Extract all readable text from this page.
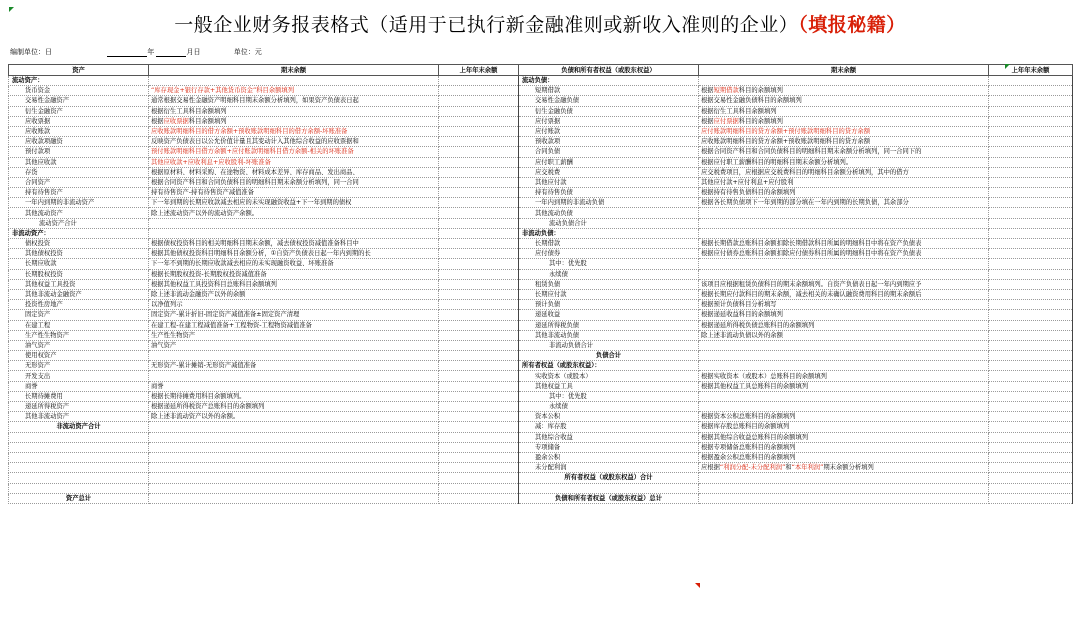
一般企业财务报表格式（适用于已执行新金融准则或新收入准则的企业）（填报秘籍）
编制单位：日	年	月日	单位：元
资产	期末余额	上年年末余额	负债和所有者权益（或股东权益）	期末余额	上年年末余额
流动资产：			流动负债：		
货币资金	“库存现金+银行存款+其他货币资金”科目余额填列		短期借款	根据短期借款科目的余额填列	
交易性金融资产	通常根据交易性金融资产明细科目期末余额分析填列，如果资产负债表日起		交易性金融负债	根据交易性金融负债科目的余额填列	
衍生金融资产	根据衍生工具科目余额填列		衍生金融负债	根据衍生工具科目余额填列	
应收票据	根据应收票据科目余额填列		应付票据	根据应付票据科目的余额填列	
应收账款	应收账款明细科目的借方余额+预收账款明细科目的借方余额-坏账准备		应付账款	应付账款明细科目的贷方余额+预付账款明细科目的贷方余额	
应收款项融资	反映资产负债表日以公允价值计量且其变动计入其他综合收益的应收票据和		预收款项	应收账款明细科目的贷方余额+预收账款明细科目的贷方余额	
预付款项	预付账款明细科目借方余额+应付账款明细科目借方余额-相关的坏账准备		合同负债	根据合同资产科目和合同负债科目的明细科目期末余额分析填列，同一合同下的	
其他应收款	其他应收款+应收利息+应收股利-坏账准备		应付职工薪酬	根据应付职工薪酬科目的明细科目期末余额分析填列。	
存货	根据原材料、材料采购、在途物资、材料成本差异、库存商品、发出商品、		应交税费	应交税费项目，应根据应交税费科目的明细科目余额分析填列，其中的借方	
合同资产	根据合同资产科目和合同负债科目的明细科目期末余额分析填列，同一合同		其他应付款	其他应付款+应付利息+应付股利	
持有待售资产	持有待售资产-持有待售资产减值准备		持有待售负债	根据持有待售负债科目的余额填列	
一年内到期的非流动资产	下一年到期的长期应收款减去相应的未实现融资收益+下一年到期的债权		一年内到期的非流动负债	根据各长期负债项下一年到期的部分填在一年内到期的长期负债，其余部分	
其他流动资产	除上述流动资产以外的流动资产余额。		其他流动负债		
流动资产合计			流动负债合计		
非流动资产：			非流动负债：		
债权投资	根据债权投资科目的相关明细科目期末余额，减去债权投资减值准备科目中		长期借款	根据长期借款总账科目余额扣除长期借款科目所属的明细科目中将在资产负债表	
其他债权投资	根据其他债权投资科目明细科目余额分析，①自资产负债表日起一年内到期的长		应付债券	根据应付债券总账科目余额扣除应付债券科目所属的明细科目中将在资产负债表	
长期应收款	下一年不到期的长期应收款减去相应的未实现融资收益、坏账准备		其中：优先股		
长期股权投资	根据长期股权投资-长期股权投资减值准备		永续债		
其他权益工具投资	根据其他权益工具投资科目总账科目余额填列		租赁负债	该项目应根据租赁负债科目的期末余额填列。自资产负债表日起一年内到期应予	
其他非流动金融资产	除上述非流动金融资产以外的余额		长期应付款	根据长期应付款科目的期末余额，减去相关的未确认融资费用科目的期末余额后	
投资性房地产	以净值列示		预计负债	根据预计负债科目分析填写	
固定资产	固定资产-累计折旧-固定资产减值准备±固定资产清理		递延收益	根据递延收益科目的余额填列	
在建工程	在建工程-在建工程减值准备+工程物资-工程物资减值准备		递延所得税负债	根据递延所得税负债总账科目的余额填列	
生产性生物资产	生产性生物资产		其他非流动负债	除上述非流动负债以外的余额	
油气资产	油气资产		非流动负债合计		
使用权资产			负债合计		
无形资产	无形资产-累计摊销-无形资产减值准备		所有者权益（或股东权益）：		
开发支出			实收资本（或股本）	根据实收资本（或股本）总账科目的余额填列	
商誉	商誉		其他权益工具	根据其他权益工具总账科目的余额填列	
长期待摊费用	根据长期待摊费用科目余额填列。		其中：优先股		
递延所得税资产	根据递延所得税资产总账科目的余额填列		永续债		
其他非流动资产	除上述非流动资产以外的余额。		资本公积	根据资本公积总账科目的余额填列	
非流动资产合计			减：库存股	根据库存股总账科目的余额填列	
			其他综合收益	根据其他综合收益总账科目的余额填列	
			专项储备	根据专项储备总账科目的余额填列	
			盈余公积	根据盈余公积总账科目的余额填列	
			未分配利润	应根据“利润分配-未分配利润”和“本年利润”期末余额分析填列	
			所有者权益（或股东权益）合计		

资产总计			负债和所有者权益（或股东权益）总计		
